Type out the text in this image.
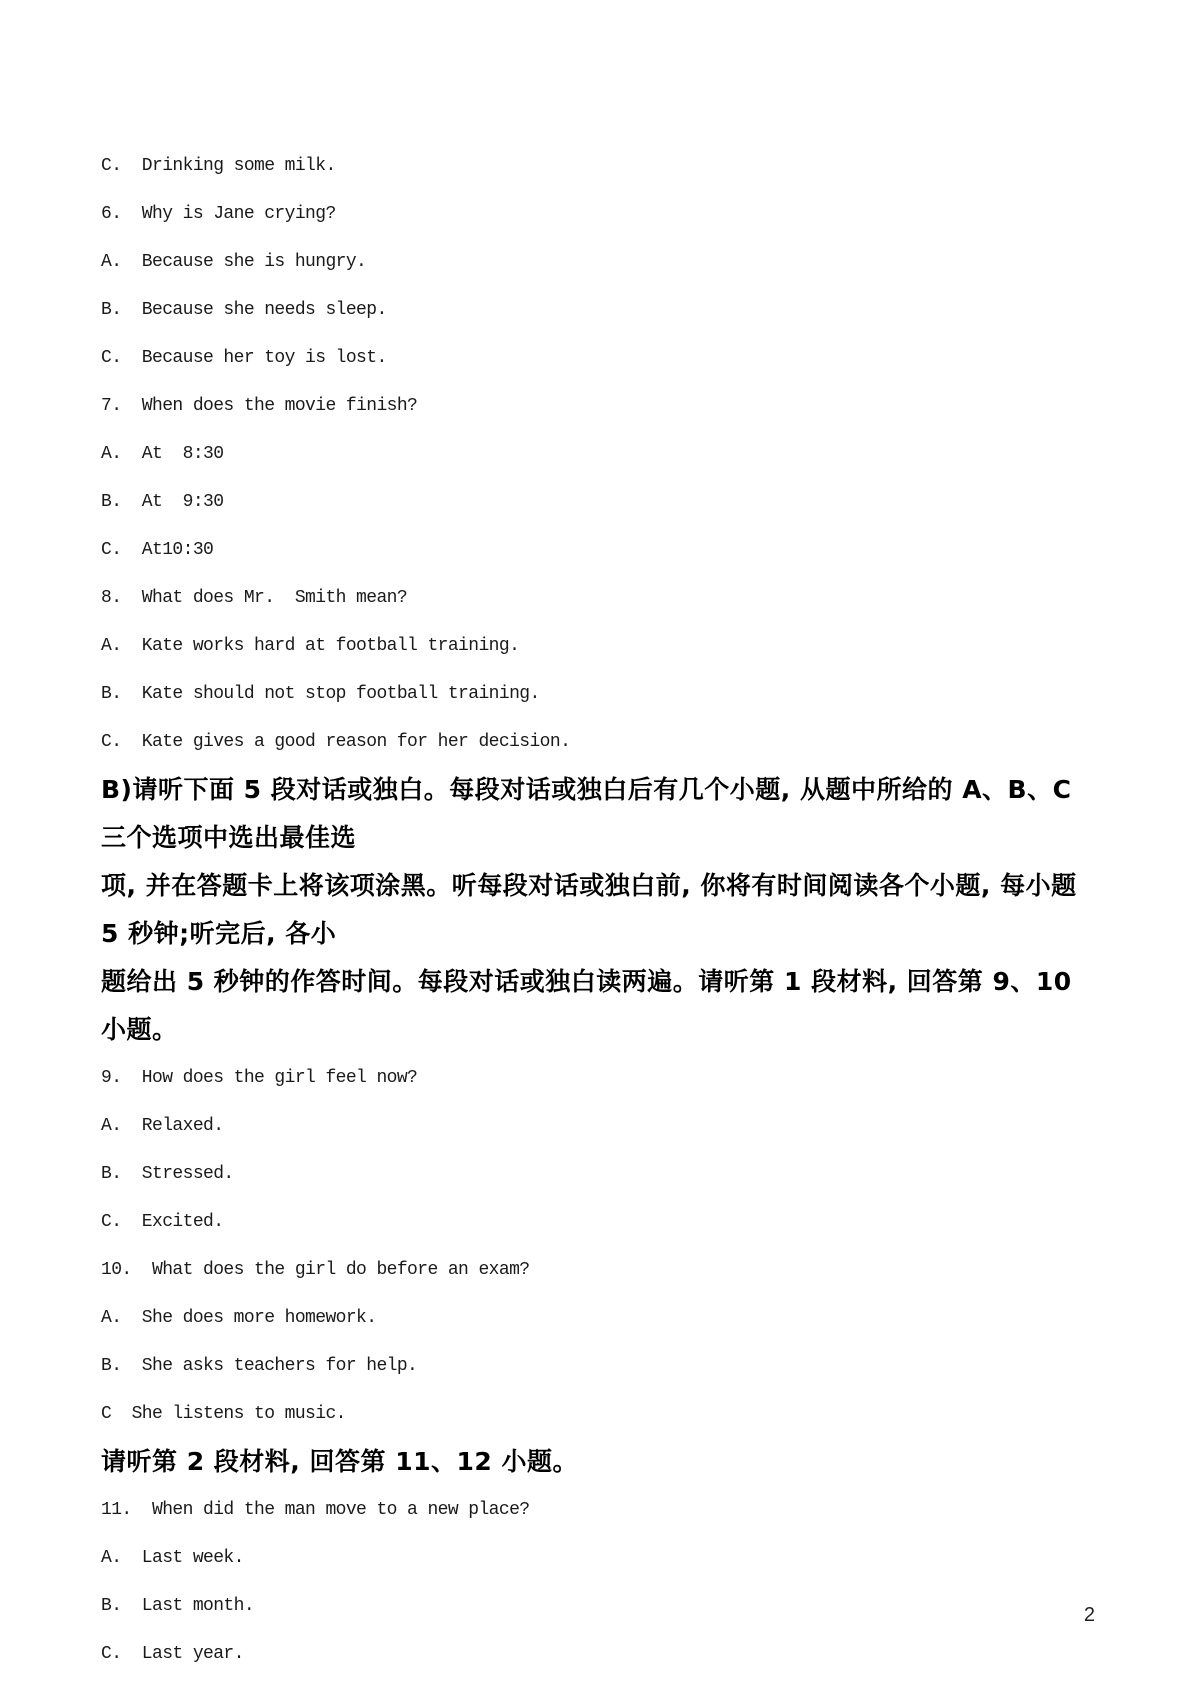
C.  Drinking some milk.

6.  Why is Jane crying?

A.  Because she is hungry.

B.  Because she needs sleep.

C.  Because her toy is lost.

7.  When does the movie finish?

A.  At  8:30

B.  At  9:30

C.  At10:30

8.  What does Mr.  Smith mean?

A.  Kate works hard at football training.

B.  Kate should not stop football training.

C.  Kate gives a good reason for her decision.

B)请听下面 5 段对话或独白。每段对话或独白后有几个小题, 从题中所给的 A、B、C 三个选项中选出最佳选

项, 并在答题卡上将该项涂黑。听每段对话或独白前, 你将有时间阅读各个小题, 每小题 5 秒钟;听完后, 各小

题给出 5 秒钟的作答时间。每段对话或独白读两遍。请听第 1 段材料, 回答第 9、10 小题。

9.  How does the girl feel now?

A.  Relaxed.

B.  Stressed.

C.  Excited.

10.  What does the girl do before an exam?

A.  She does more homework.

B.  She asks teachers for help.

C  She listens to music.

请听第 2 段材料, 回答第 11、12 小题。

11.  When did the man move to a new place?

A.  Last week.

B.  Last month.

C.  Last year.

2
